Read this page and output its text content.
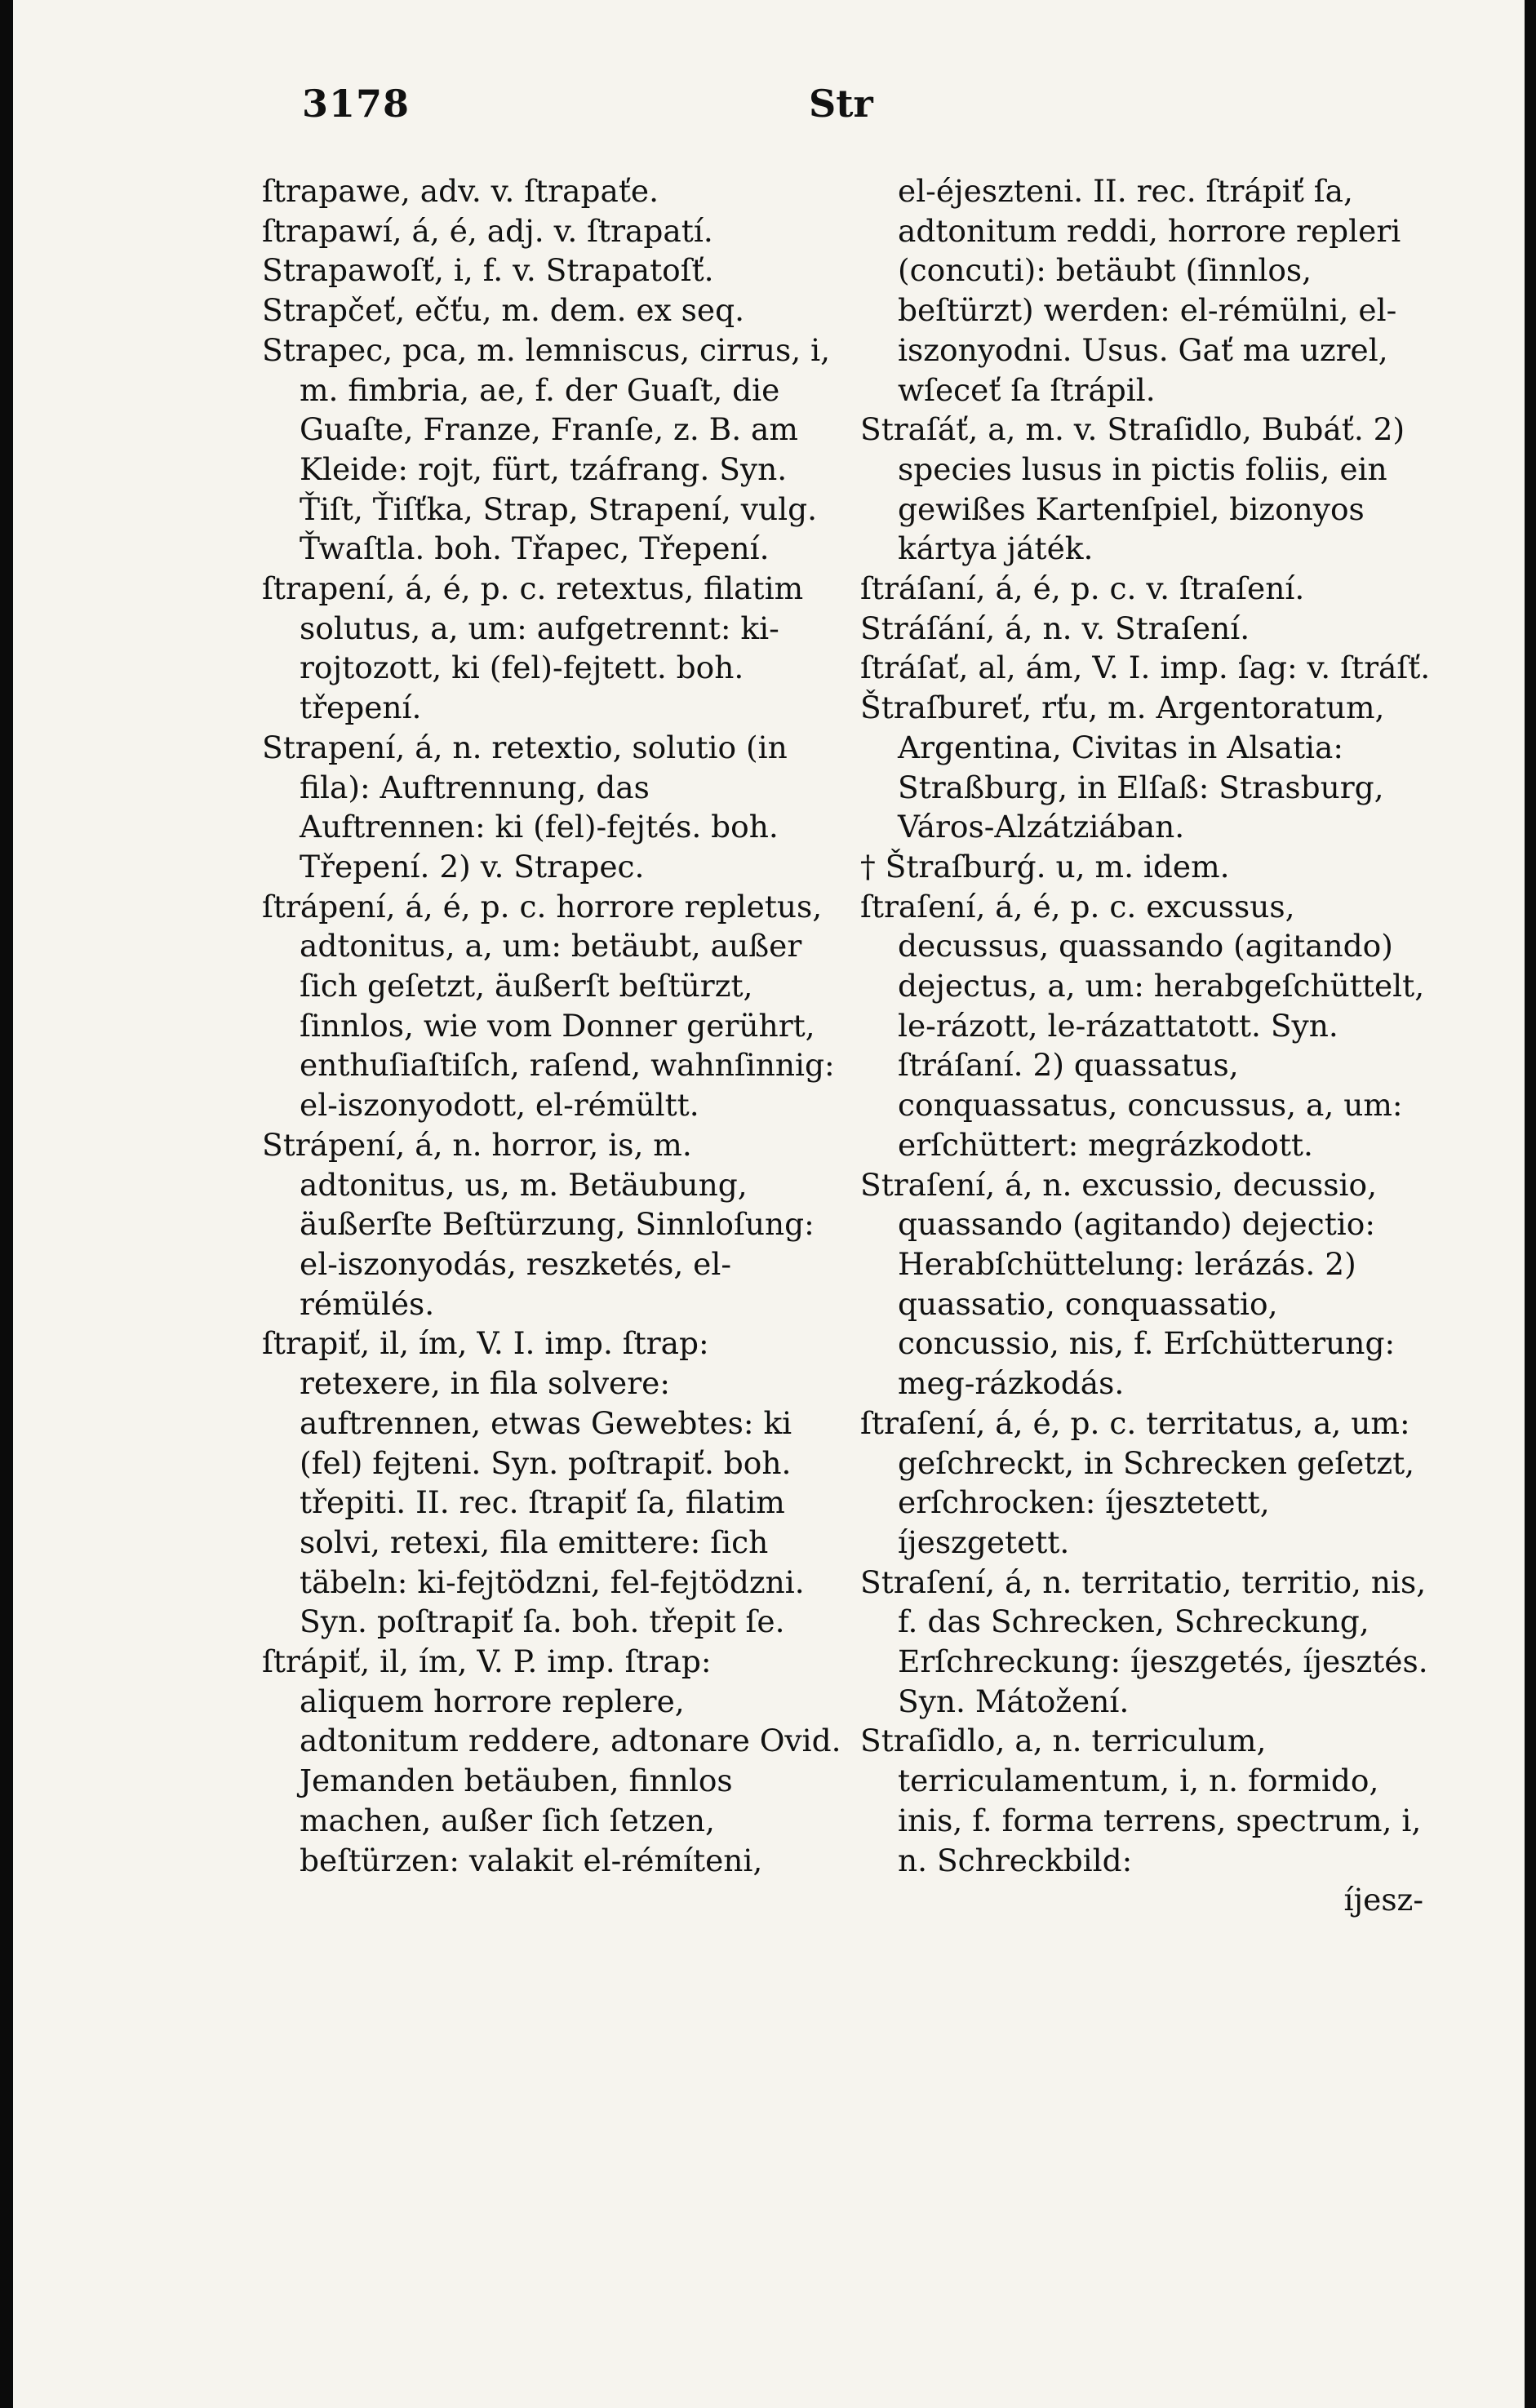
3178	Str

ſtrapawe, adv. v. ſtrapaťe.

ſtrapawí, á, é, adj. v. ſtrapatí.

Strapawoſť, i, f. v. Strapatoſť.

Strapčeť, ečťu, m. dem. ex seq.

Strapec, pca, m. lemniscus, cirrus, i, m. fimbria, ae, f. der Guaſt, die Guaſte, Franze, Franſe, z. B. am Kleide: rojt, fürt, tzáfrang. Syn. Ťiſt, Ťiſťka, Strap, Strapení, vulg. Ťwaſtla. boh. Třapec, Třepení.

ſtrapení, á, é, p. c. retextus, filatim solutus, a, um: aufgetrennt: ki-rojtozott, ki (fel)-fejtett. boh. třepení.

Strapení, á, n. retextio, solutio (in fila): Auftrennung, das Auftrennen: ki (fel)-fejtés. boh. Třepení. 2) v. Strapec.

ſtrápení, á, é, p. c. horrore repletus, adtonitus, a, um: betäubt, außer ſich geſetzt, äußerſt beſtürzt, ſinnlos, wie vom Donner gerührt, enthuſiaſtiſch, raſend, wahnſinnig: el-iszonyodott, el-rémültt.

Strápení, á, n. horror, is, m. adtonitus, us, m. Betäubung, äußerſte Beſtürzung, Sinnloſung: el-iszonyodás, reszketés, el-rémülés.

ſtrapiť, il, ím, V. I. imp. ſtrap: retexere, in fila solvere: auftrennen, etwas Gewebtes: ki (fel) fejteni. Syn. poſtrapiť. boh. třepiti. II. rec. ſtrapiť ſa, filatim solvi, retexi, fila emittere: ſich täbeln: ki-fejtödzni, fel-fejtödzni. Syn. poſtrapiť ſa. boh. třepit ſe.

ſtrápiť, il, ím, V. P. imp. ſtrap: aliquem horrore replere, adtonitum reddere, adtonare Ovid. Jemanden betäuben, finnlos machen, außer ſich ſetzen, beſtürzen: valakit el-rémíteni,

el-éjeszteni. II. rec. ſtrápiť ſa, adtonitum reddi, horrore repleri (concuti): betäubt (ſinnlos, beſtürzt) werden: el-rémülni, el-iszonyodni. Usus. Gať ma uzrel, wſeceť ſa ſtrápil.

Straſáť, a, m. v. Straſidlo, Bubáť. 2) species lusus in pictis foliis, ein gewißes Kartenſpiel, bizonyos kártya játék.

ſtráſaní, á, é, p. c. v. ſtraſení.

Stráſání, á, n. v. Straſení.

ſtráſať, al, ám, V. I. imp. ſag: v. ſtráſť.

Štraſbureť, rťu, m. Argentoratum, Argentina, Civitas in Alsatia: Straßburg, in Elſaß: Strasburg, Város-Alzátziában.

† Štraſburǵ. u, m. idem.

ſtraſení, á, é, p. c. excussus, decussus, quassando (agitando) dejectus, a, um: herabgeſchüttelt, le-rázott, le-rázattatott. Syn. ſtráſaní. 2) quassatus, conquassatus, concussus, a, um: erſchüttert: megrázkodott.

Straſení, á, n. excussio, decussio, quassando (agitando) dejectio: Herabſchüttelung: lerázás. 2) quassatio, conquassatio, concussio, nis, f. Erſchütterung: meg-rázkodás.

ſtraſení, á, é, p. c. territatus, a, um: geſchreckt, in Schrecken geſetzt, erſchrocken: íjesztetett, íjeszgetett.

Straſení, á, n. territatio, territio, nis, f. das Schrecken, Schreckung, Erſchreckung: íjeszgetés, íjesztés. Syn. Mátožení.

Straſidlo, a, n. terriculum, terriculamentum, i, n. formido, inis, f. forma terrens, spectrum, i, n. Schreckbild:

íjesz-
